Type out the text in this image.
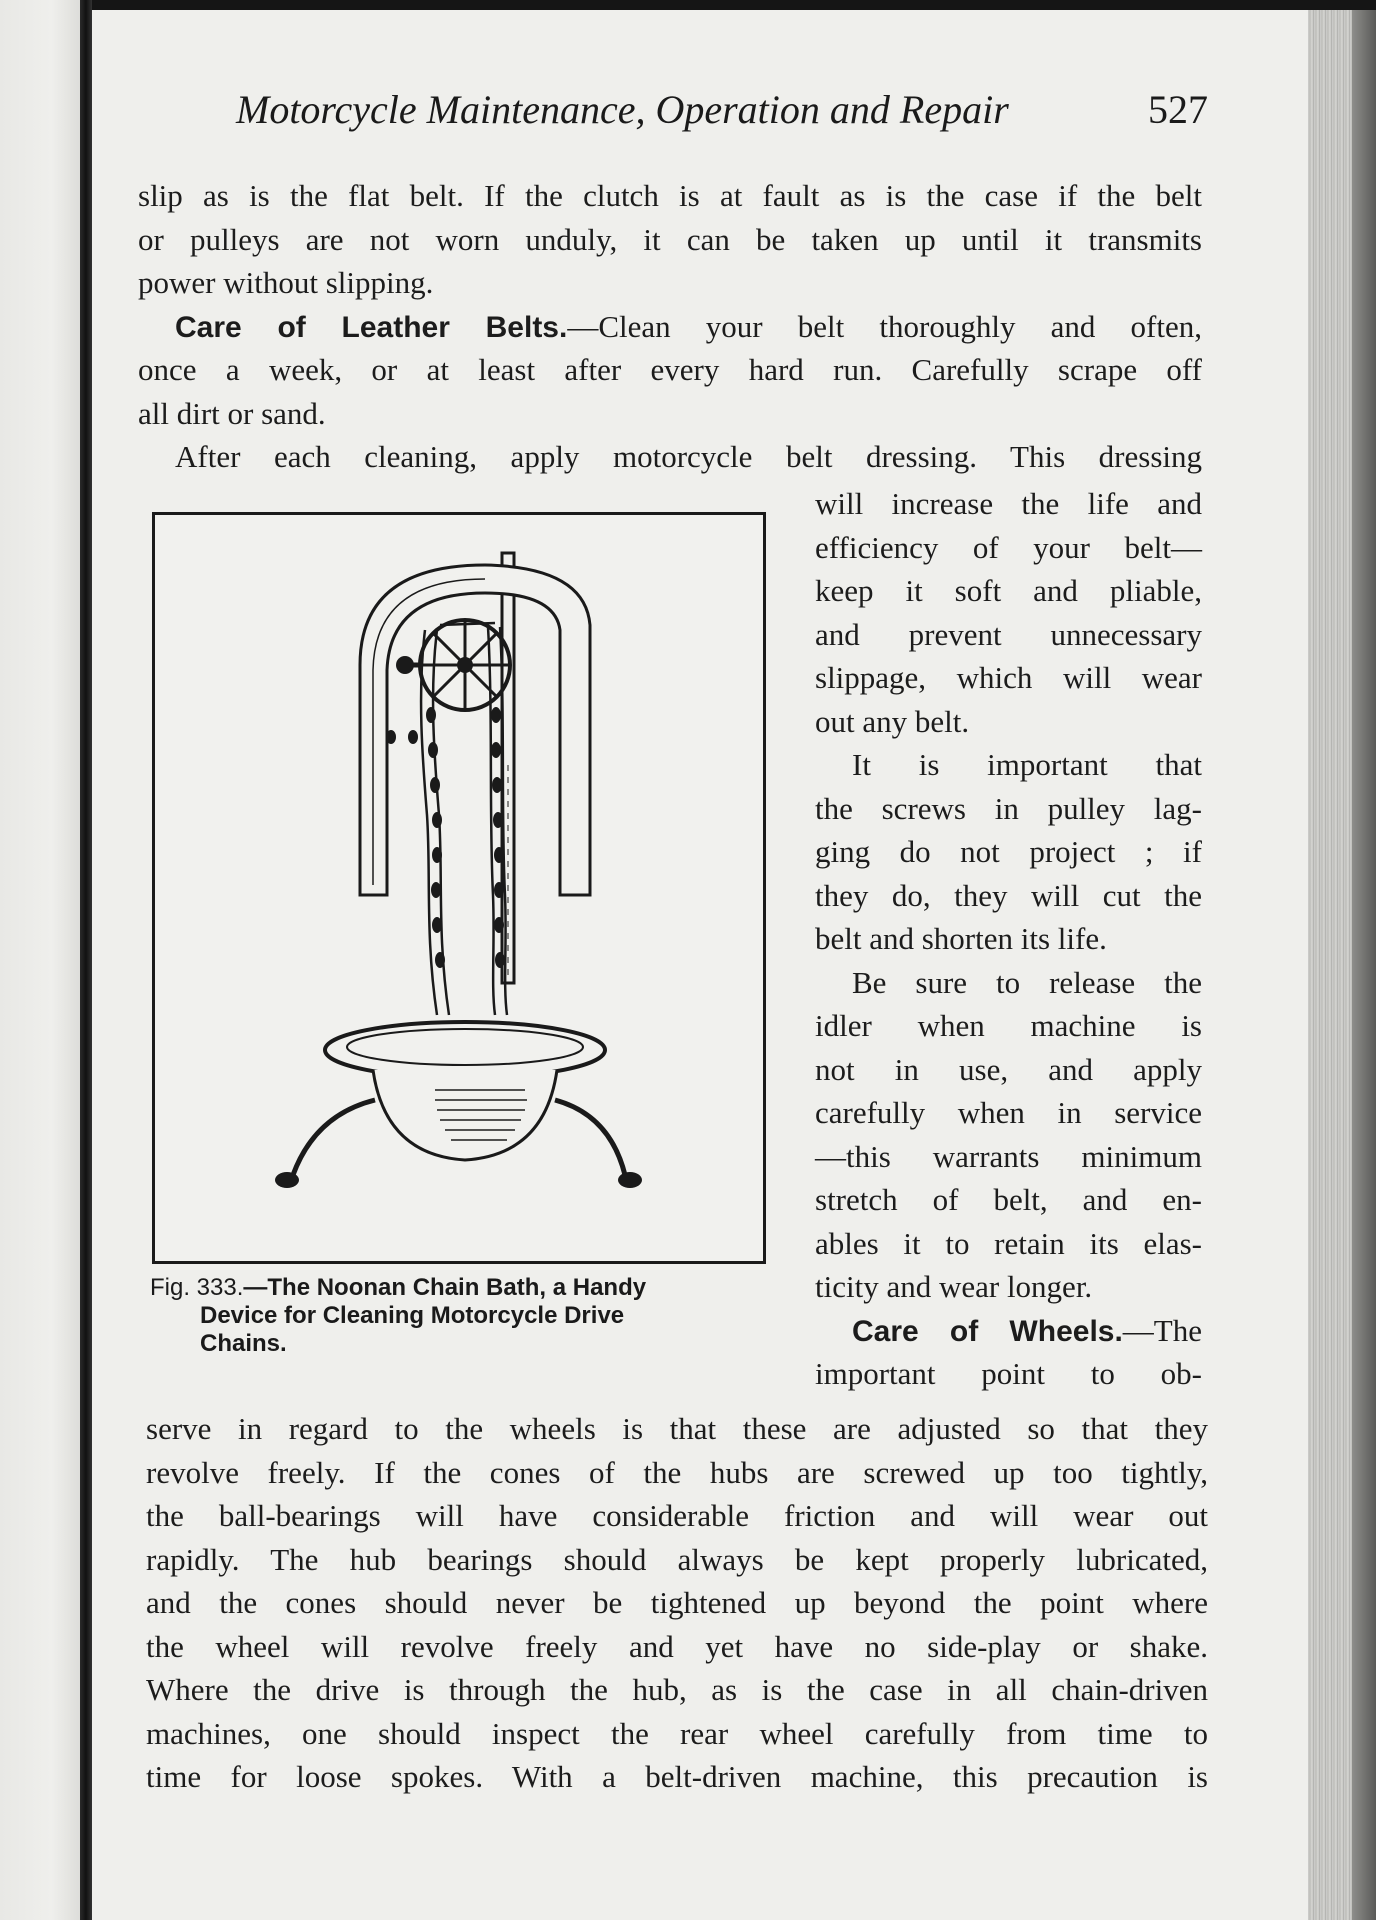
Motorcycle Maintenance, Operation and Repair	527
slip as is the flat belt. If the clutch is at fault as is the case if the belt
or pulleys are not worn unduly, it can be taken up until it transmits
power without slipping.
Care of Leather Belts.—Clean your belt thoroughly and often,
once a week, or at least after every hard run. Carefully scrape off
all dirt or sand.
After each cleaning, apply motorcycle belt dressing. This dressing
will increase the life and
efficiency of your belt—
keep it soft and pliable,
and prevent unnecessary
slippage, which will wear
out any belt.
It is important that
the screws in pulley lag-
ging do not project ; if
they do, they will cut the
belt and shorten its life.
Be sure to release the
idler when machine is
not in use, and apply
carefully when in service
—this warrants minimum
stretch of belt, and en-
ables it to retain its elas-
ticity and wear longer.
Care of Wheels.—The
important point to ob-
serve in regard to the wheels is that these are adjusted so that they
revolve freely. If the cones of the hubs are screwed up too tightly,
the ball-bearings will have considerable friction and will wear out
rapidly. The hub bearings should always be kept properly lubricated,
and the cones should never be tightened up beyond the point where
the wheel will revolve freely and yet have no side-play or shake.
Where the drive is through the hub, as is the case in all chain-driven
machines, one should inspect the rear wheel carefully from time to
time for loose spokes. With a belt-driven machine, this precaution is
Fig. 333.—The Noonan Chain Bath, a Handy
Device for Cleaning Motorcycle Drive
Chains.
